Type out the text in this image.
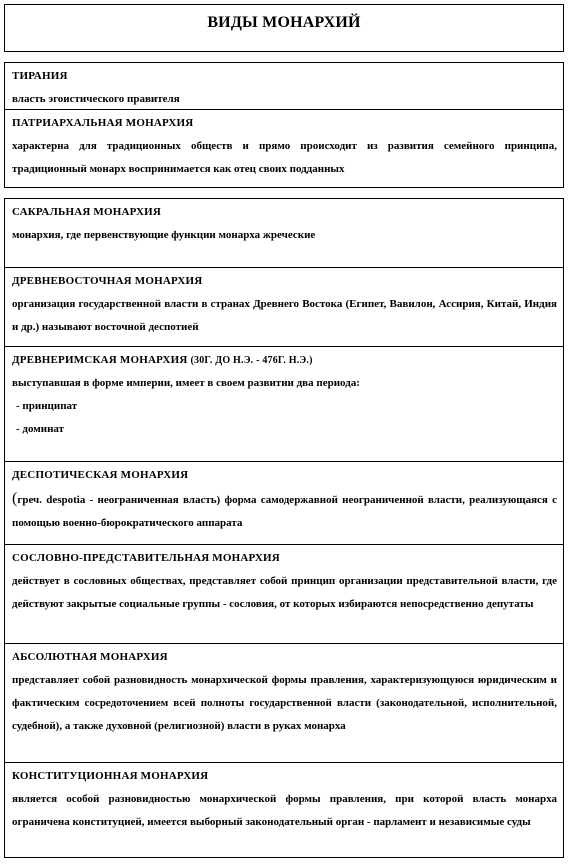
ВИДЫ МОНАРХИЙ
ТИРАНИЯ
власть эгоистического правителя
ПАТРИАРХАЛЬНАЯ МОНАРХИЯ
характерна для традиционных обществ и прямо происходит из развития семейного принципа, традиционный монарх воспринимается как отец своих подданных
САКРАЛЬНАЯ МОНАРХИЯ
монархия, где первенствующие функции монарха жреческие
ДРЕВНЕВОСТОЧНАЯ МОНАРХИЯ
организация государственной власти в странах Древнего Востока (Египет, Вавилон, Ассирия, Китай, Индия и др.) называют восточной деспотией
ДРЕВНЕРИМСКАЯ МОНАРХИЯ (30Г. ДО Н.Э. - 476Г. Н.Э.)
выступавшая в форме империи, имеет в своем развитии два периода:
- принципат
- доминат
ДЕСПОТИЧЕСКАЯ МОНАРХИЯ
(греч. despotia - неограниченная власть) форма самодержавной неограниченной власти, реализующаяся с помощью военно-бюрократического аппарата
СОСЛОВНО-ПРЕДСТАВИТЕЛЬНАЯ МОНАРХИЯ
действует в сословных обществах, представляет собой принцип организации представительной власти, где действуют закрытые социальные группы - сословия, от которых избираются непосредственно депутаты
АБСОЛЮТНАЯ МОНАРХИЯ
представляет собой разновидность монархической формы правления, характеризующуюся юридическим и фактическим сосредоточением всей полноты государственной власти (законодательной, исполнительной, судебной), а также духовной (религиозной) власти в руках монарха
КОНСТИТУЦИОННАЯ МОНАРХИЯ
является особой разновидностью монархической формы правления, при которой власть монарха ограничена конституцией, имеется выборный законодательный орган - парламент и независимые суды
